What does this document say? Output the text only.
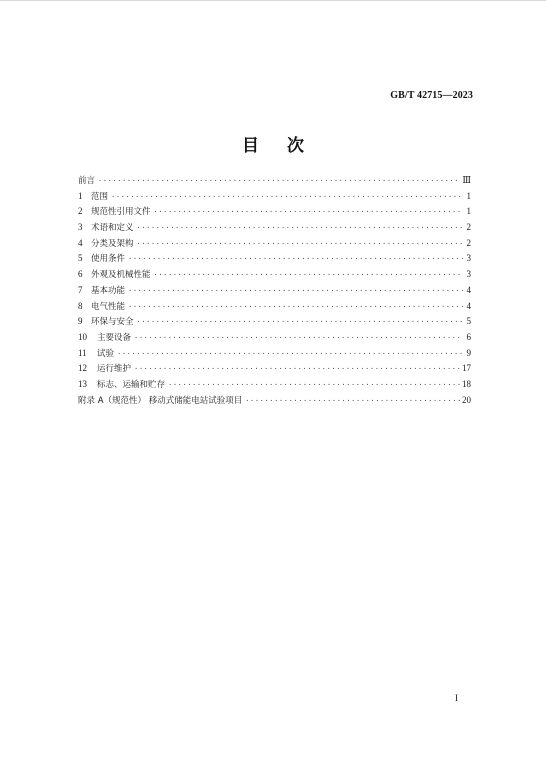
GB/T 42715—2023
目次
前言 ·····	Ⅲ
1	范围 ·····	1
2	规范性引用文件 ·····	1
3	术语和定义 ·····	2
4	分类及架构 ·····	2
5	使用条件 ·····	3
6	外观及机械性能 ·····	3
7	基本功能 ·····	4
8	电气性能 ·····	4
9	环保与安全 ·····	5
10	主要设备 ·····	6
11	试验 ·····	9
12	运行维护 ·····	17
13	标志、运输和贮存 ·····	18
附录 A（规范性） 移动式储能电站试验项目 ·····	20
I
